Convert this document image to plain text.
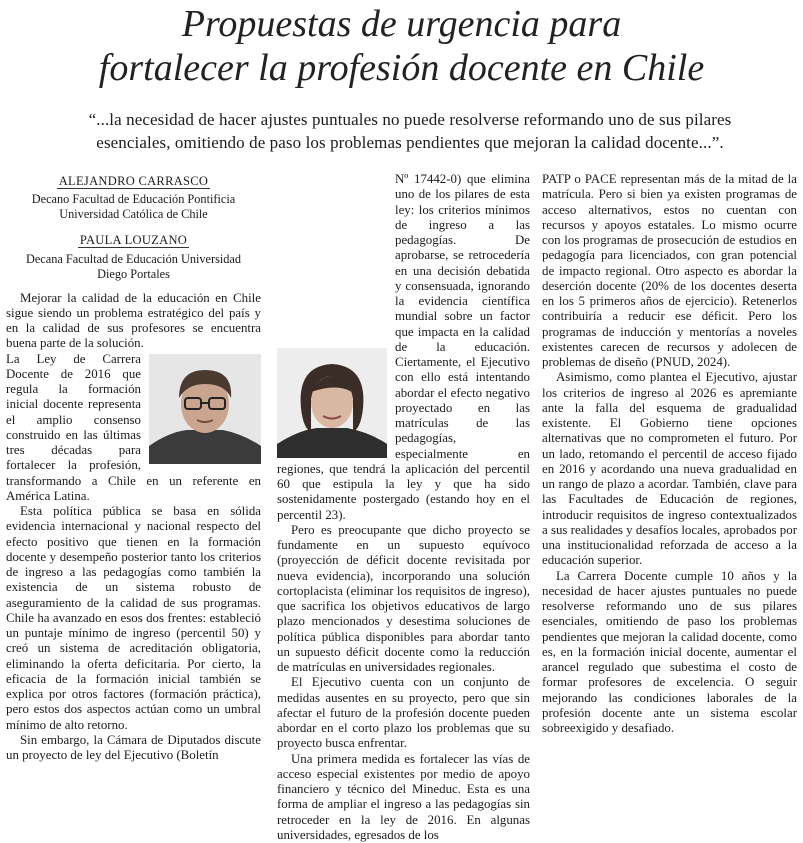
Propuestas de urgencia para
fortalecer la profesión docente en Chile
“...la necesidad de hacer ajustes puntuales no puede resolverse reformando uno de sus pilares
esenciales, omitiendo de paso los problemas pendientes que mejoran la calidad docente...”.
ALEJANDRO CARRASCO
Decano Facultad de Educación Pontificia
Universidad Católica de Chile
PAULA LOUZANO
Decana Facultad de Educación Universidad
Diego Portales

Mejorar la calidad de la educación en Chile sigue siendo un problema estratégico del país y en la calidad de sus profesores se encuentra buena parte de la solución.

La Ley de Carrera Docente de 2016 que regula la formación inicial docente representa el amplio consenso construido en las últimas tres décadas para fortalecer la profesión, transformando a Chile en un referente en América Latina.

Esta política pública se basa en sólida evidencia internacional y nacional respecto del efecto positivo que tienen en la formación docente y desempeño posterior tanto los criterios de ingreso a las pedagogías como también la existencia de un sistema robusto de aseguramiento de la calidad de sus programas. Chile ha avanzado en esos dos frentes: estableció un puntaje mínimo de ingreso (percentil 50) y creó un sistema de acreditación obligatoria, eliminando la oferta deficitaria. Por cierto, la eficacia de la formación inicial también se explica por otros factores (formación práctica), pero estos dos aspectos actúan como un umbral mínimo de alto retorno.

Sin embargo, la Cámara de Diputados discute un proyecto de ley del Ejecutivo (Boletín

Nº 17442-0) que elimina uno de los pilares de esta ley: los criterios mínimos de ingreso a las pedagogías. De aprobarse, se retrocedería en una decisión debatida y consensuada, ignorando la evidencia científica mundial sobre un factor que impacta en la calidad de la educación. Ciertamente, el Ejecutivo con ello está intentando abordar el efecto negativo proyectado en las matrículas de las pedagogías, especialmente en regiones, que tendrá la aplicación del percentil 60 que estipula la ley y que ha sido sostenidamente postergado (estando hoy en el percentil 23).

Pero es preocupante que dicho proyecto se fundamente en un supuesto equívoco (proyección de déficit docente revisitada por nueva evidencia), incorporando una solución cortoplacista (eliminar los requisitos de ingreso), que sacrifica los objetivos educativos de largo plazo mencionados y desestima soluciones de política pública disponibles para abordar tanto un supuesto déficit docente como la reducción de matrículas en universidades regionales.

El Ejecutivo cuenta con un conjunto de medidas ausentes en su proyecto, pero que sin afectar el futuro de la profesión docente pueden abordar en el corto plazo los problemas que su proyecto busca enfrentar.

Una primera medida es fortalecer las vías de acceso especial existentes por medio de apoyo financiero y técnico del Mineduc. Esta es una forma de ampliar el ingreso a las pedagogías sin retroceder en la ley de 2016. En algunas universidades, egresados de los

PATP o PACE representan más de la mitad de la matrícula. Pero si bien ya existen programas de acceso alternativos, estos no cuentan con recursos y apoyos estatales. Lo mismo ocurre con los programas de prosecución de estudios en pedagogía para licenciados, con gran potencial de impacto regional. Otro aspecto es abordar la deserción docente (20% de los docentes deserta en los 5 primeros años de ejercicio). Retenerlos contribuiría a reducir ese déficit. Pero los programas de inducción y mentorías a noveles existentes carecen de recursos y adolecen de problemas de diseño (PNUD, 2024).

Asimismo, como plantea el Ejecutivo, ajustar los criterios de ingreso al 2026 es apremiante ante la falla del esquema de gradualidad existente. El Gobierno tiene opciones alternativas que no comprometen el futuro. Por un lado, retomando el percentil de acceso fijado en 2016 y acordando una nueva gradualidad en un rango de plazo a acordar. También, clave para las Facultades de Educación de regiones, introducir requisitos de ingreso contextualizados a sus realidades y desafíos locales, aprobados por una institucionalidad reforzada de acceso a la educación superior.

La Carrera Docente cumple 10 años y la necesidad de hacer ajustes puntuales no puede resolverse reformando uno de sus pilares esenciales, omitiendo de paso los problemas pendientes que mejoran la calidad docente, como es, en la formación inicial docente, aumentar el arancel regulado que subestima el costo de formar profesores de excelencia. O seguir mejorando las condiciones laborales de la profesión docente ante un sistema escolar sobreexigido y desafiado.
